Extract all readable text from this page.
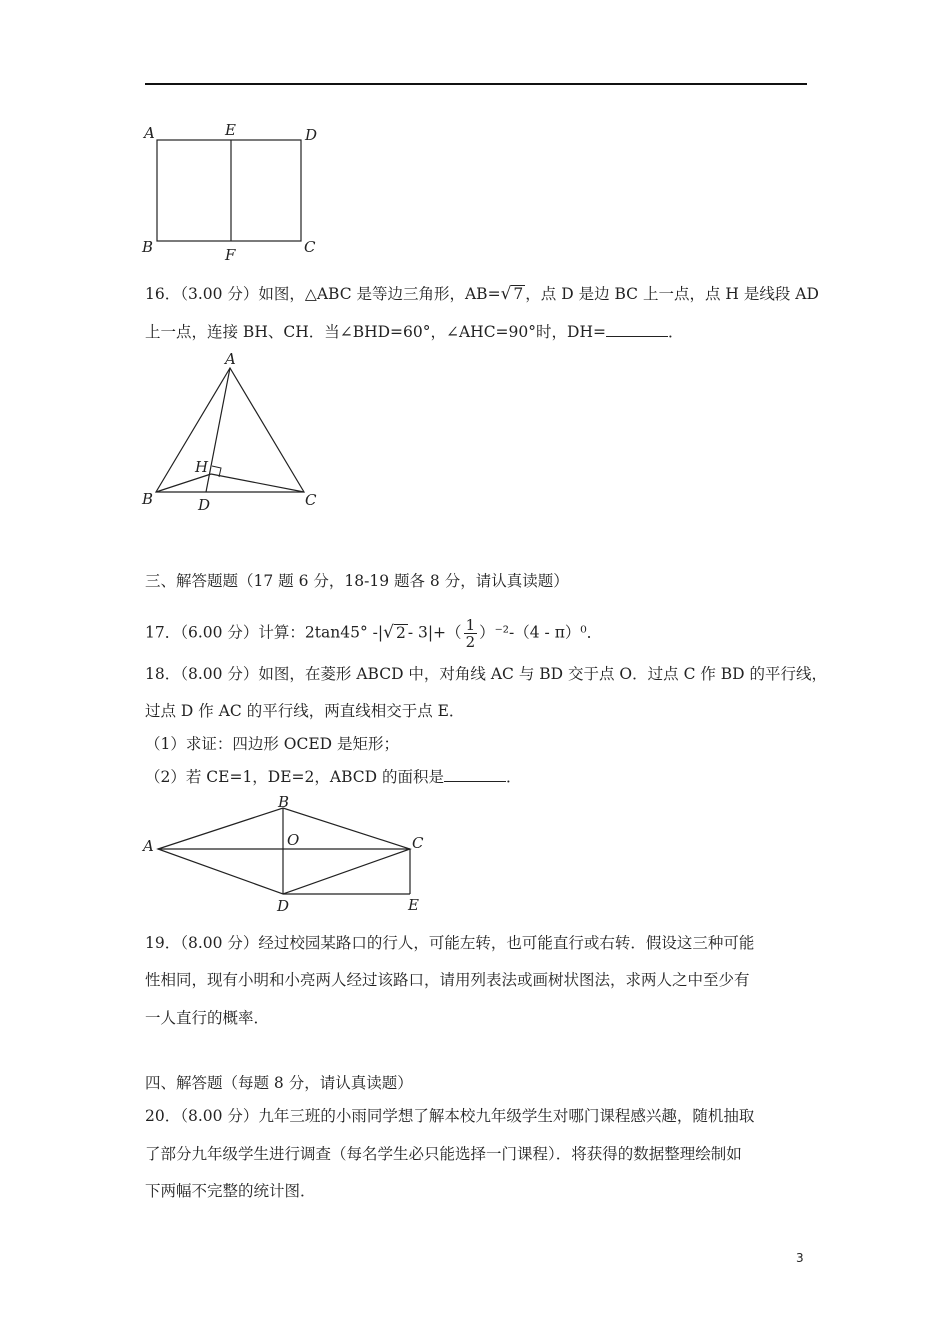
A	E	D
B	F	C
16．（3.00 分）如图，△ABC 是等边三角形，AB=√ 7 ，点 D 是边 BC 上一点，点 H 是线段 AD
上一点，连接 BH、CH．当∠BHD=60°，∠AHC=90°时，DH=	．
A
H
B	D	C
三、解答题题（17 题 6 分，18-19 题各 8 分，请认真读题）
17．（6.00 分）计算：2tan45° -|√ $2 - 3|+( \frac{1}{2} )^{-2}-(4 - \pi)^0$．
18．（8.00 分）如图，在菱形 ABCD 中，对角线 AC 与 BD 交于点 O．过点 C 作 BD 的平行线，
过点 D 作 AC 的平行线，两直线相交于点 E．
（1）求证：四边形 OCED 是矩形；
（2）若 CE=1，DE=2，ABCD 的面积是	．
A
B
O	C
D	E
19．（8.00 分）经过校园某路口的行人，可能左转，也可能直行或右转．假设这三种可能
性相同，现有小明和小亮两人经过该路口，请用列表法或画树状图法，求两人之中至少有
一人直行的概率．
四、解答题（每题 8 分，请认真读题）
20．（8.00 分）九年三班的小雨同学想了解本校九年级学生对哪门课程感兴趣，随机抽取
了部分九年级学生进行调查（每名学生必只能选择一门课程）．将获得的数据整理绘制如
下两幅不完整的统计图．
3
